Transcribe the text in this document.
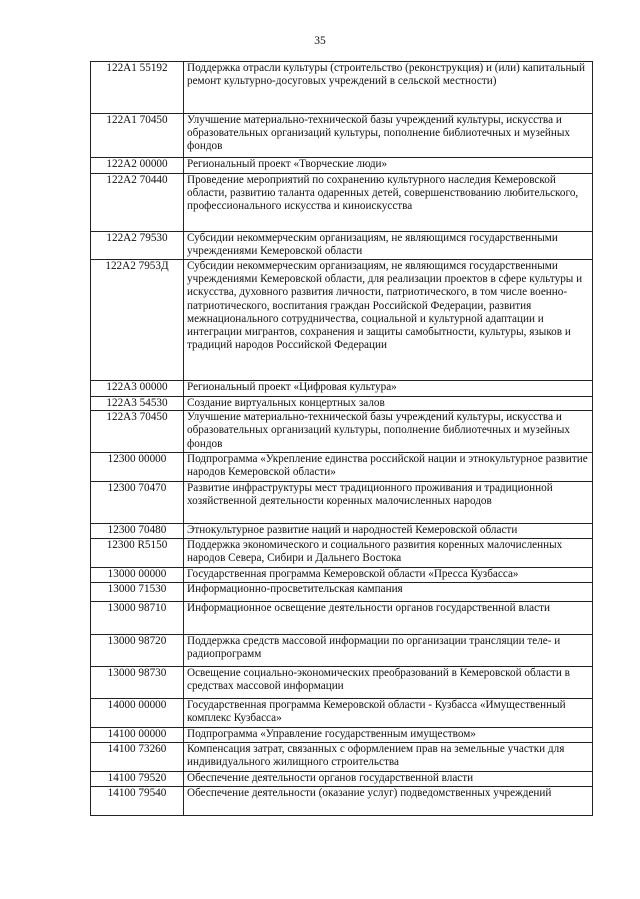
35
122A1 55192	Поддержка отрасли культуры (строительство (реконструкция) и (или) капитальный ремонт культурно-досуговых учреждений в сельской местности)
122A1 70450	Улучшение материально-технической базы учреждений культуры, искусства и образовательных организаций культуры, пополнение библиотечных и музейных фондов
122A2 00000	Региональный проект «Творческие люди»
122A2 70440	Проведение мероприятий по сохранению культурного наследия Кемеровской области, развитию таланта одаренных детей, совершенствованию любительского, профессионального искусства и киноискусства
122A2 79530	Субсидии некоммерческим организациям, не являющимся государственными учреждениями Кемеровской области
122A2 7953Д	Субсидии некоммерческим организациям, не являющимся государственными учреждениями Кемеровской области, для реализации проектов в сфере культуры и искусства, духовного развития личности, патриотического, в том числе военно-патриотического, воспитания граждан Российской Федерации, развития межнационального сотрудничества, социальной и культурной адаптации и интеграции мигрантов, сохранения и защиты самобытности, культуры, языков и традиций народов Российской Федерации
122A3 00000	Региональный проект «Цифровая культура»
122A3 54530	Создание виртуальных концертных залов
122A3 70450	Улучшение материально-технической базы учреждений культуры, искусства и образовательных организаций культуры, пополнение библиотечных и музейных фондов
12300 00000	Подпрограмма «Укрепление единства российской нации и этнокультурное развитие народов Кемеровской области»
12300 70470	Развитие инфраструктуры мест традиционного проживания и традиционной хозяйственной деятельности коренных малочисленных народов
12300 70480	Этнокультурное развитие наций и народностей Кемеровской области
12300 R5150	Поддержка экономического и социального развития коренных малочисленных народов Севера, Сибири и Дальнего Востока
13000 00000	Государственная программа Кемеровской области «Пресса Кузбасса»
13000 71530	Информационно-просветительская кампания
13000 98710	Информационное освещение деятельности органов государственной власти
13000 98720	Поддержка средств массовой информации по организации трансляции теле- и радиопрограмм
13000 98730	Освещение социально-экономических преобразований в Кемеровской области в средствах массовой информации
14000 00000	Государственная программа Кемеровской области - Кузбасса «Имущественный комплекс Кузбасса»
14100 00000	Подпрограмма «Управление государственным имуществом»
14100 73260	Компенсация затрат, связанных с оформлением прав на земельные участки для индивидуального жилищного строительства
14100 79520	Обеспечение деятельности органов государственной власти
14100 79540	Обеспечение деятельности (оказание услуг) подведомственных учреждений
